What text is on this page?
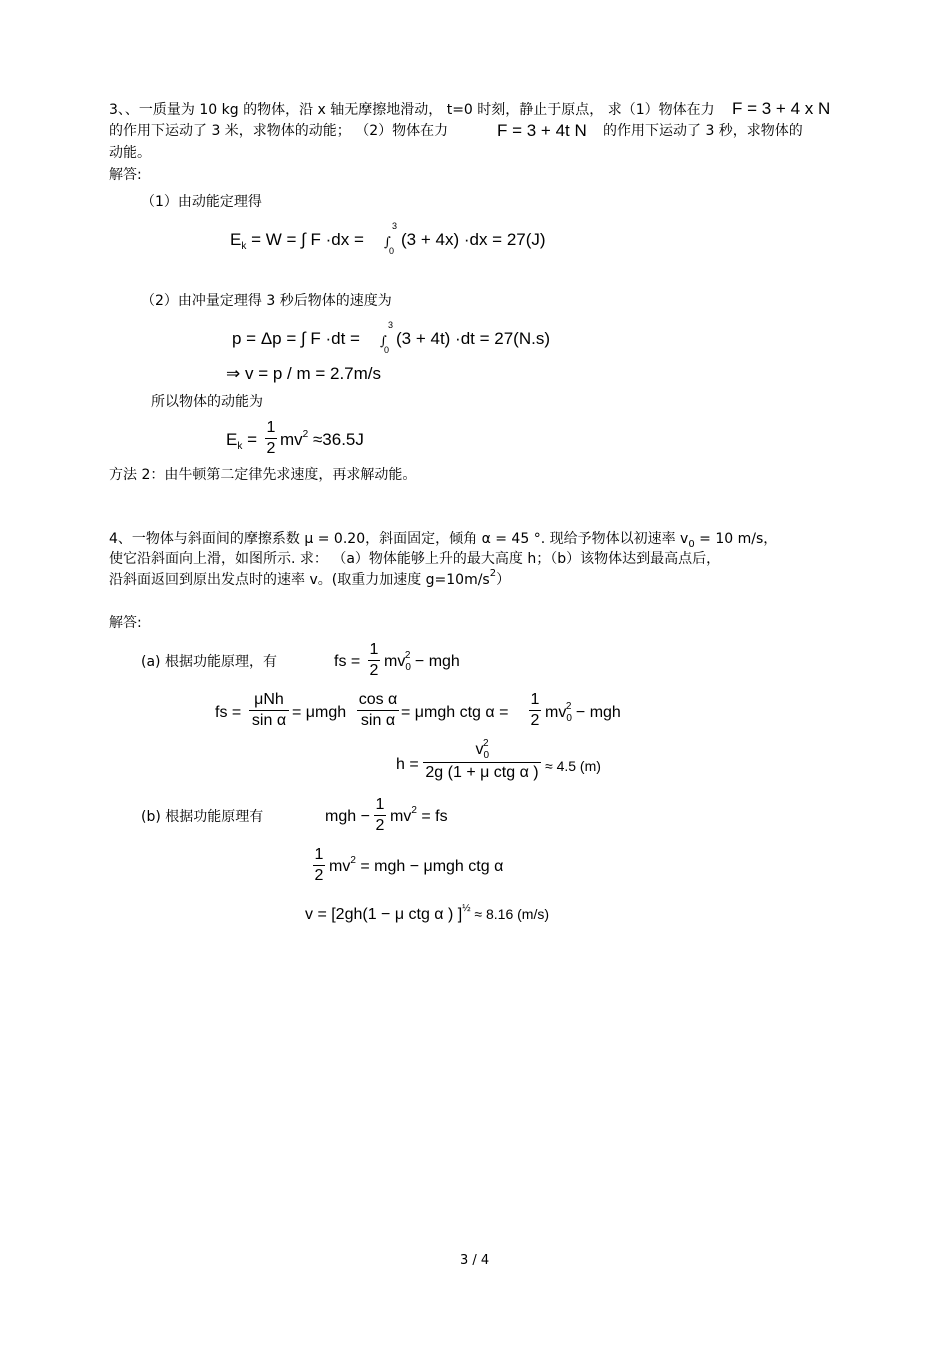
3、、一质量为 10 kg 的物体，沿 x 轴无摩擦地滑动， t=0 时刻，静止于原点， 求（1）物体在力 F = 3 + 4 x N
的作用下运动了 3 米，求物体的动能； （2）物体在力	F = 3 + 4t N 的作用下运动了 3 秒，求物体的
动能。
解答:
（1）由动能定理得
$E_k = W$ = ∫ F ·dx =
3
∫
0
(3 + 4x) ·dx = 27(J)
（2）由冲量定理得 3 秒后物体的速度为
p = Δp = ∫ F ·dt =
3
∫
0
(3 + 4t) ·dt = 27(N.s)
⇒ v = p / m = 2.7m/s
所以物体的动能为
$E_k$ =
1
2 $mv^2 \approx 36.5J$
方法 2：由牛顿第二定律先求速度，再求解动能。
4、一物体与斜面间的摩擦系数 μ = 0.20，斜面固定，倾角 α = 45 °. 现给予物体以初速率 $v_0 = 10$ m/s，
使它沿斜面向上滑，如图所示. 求： （a）物体能够上升的最大高度 h；（b）该物体达到最高点后，
沿斜面返回到原出发点时的速率 v。(取重力加速度 $g=10m/s^2$）
解答:
(a) 根据功能原理，有	fs =
1
2
$mv_0^2$ − mgh
fs =
μNh
sin α = μmgh
cos α
sin α = μmgh ctg α =
1
2 $mv_0^2$ − mgh
h =
$v_0^2$
2g (1 + μ ctg α ) ≈ 4.5 (m)
(b) 根据功能原理有	mgh −
1
2
$mv^2$ = fs
1
2
$mv^2$ = mgh − μmgh ctg α
v = [2gh(1 − μ ctg α ) ]$^{\frac{1}{2}}$ ≈ 8.16 (m/s)
3 / 4
